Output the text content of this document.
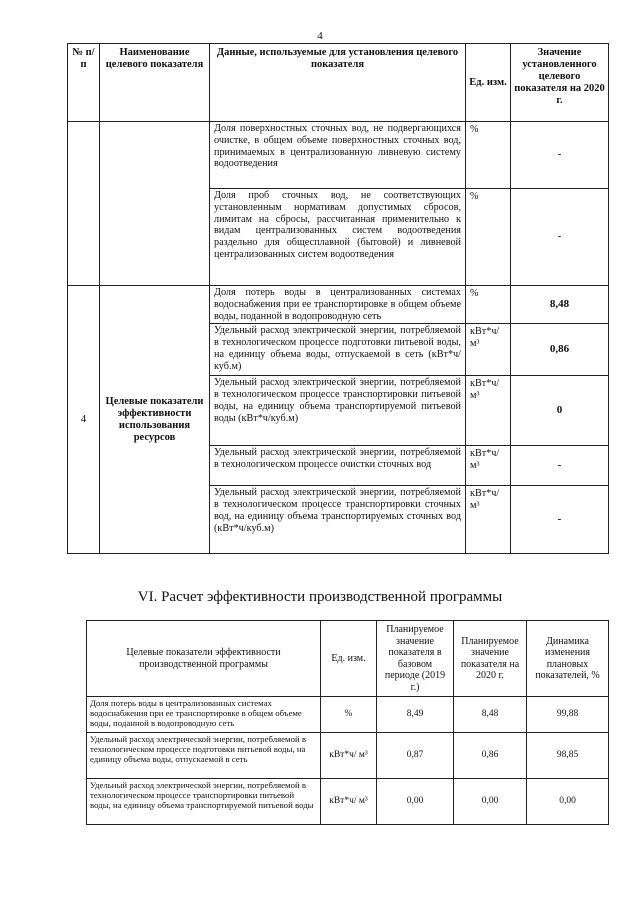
4
№ п/п	Наименование целевого показателя	Данные, используемые для установления целевого показателя	Ед. изм.	Значение установленного целевого показателя на 2020 г.
		Доля поверхностных сточных вод, не подвергающихся очистке, в общем объеме поверхностных сточных вод, принимаемых в централизованную ливневую систему водоотведения	%	-
		Доля проб сточных вод, не соответствующих установленным нормативам допустимых сбросов, лимитам на сбросы, рассчитанная применительно к видам централизованных систем водоотведения раздельно для общесплавной (бытовой) и ливневой централизованных систем водоотведения	%	-
4	Целевые показатели эффективности использования ресурсов	Доля потерь воды в централизованных системах водоснабжения при ее транспортировке в общем объеме воды, поданной в водопроводную сеть	%	8,48
		Удельный расход электрической энергии, потребляемой в технологическом процессе подготовки питьевой воды, на единицу объема воды, отпускаемой в сеть (кВт*ч/куб.м)	кВт*ч/м³	0,86
		Удельный расход электрической энергии, потребляемой в технологическом процессе транспортировки питьевой воды, на единицу объема транспортируемой питьевой воды (кВт*ч/куб.м)	кВт*ч/м³	0
		Удельный расход электрической энергии, потребляемой в технологическом процессе очистки сточных вод	кВт*ч/м³	-
		Удельный расход электрической энергии, потребляемой в технологическом процессе транспортировки сточных вод, на единицу объема транспортируемых сточных вод (кВт*ч/куб.м)	кВт*ч/м³	-
VI. Расчет эффективности производственной программы
Целевые показатели эффективности производственной программы	Ед. изм.	Планируемое значение показателя в базовом периоде (2019 г.)	Планируемое значение показателя на 2020 г.	Динамика изменения плановых показателей, %
Доля потерь воды в централизованных системах водоснабжения при ее транспортировке в общем объеме воды, поданной в водопроводную сеть	%	8,49	8,48	99,88
Удельный расход электрической энергии, потребляемой в технологическом процессе подготовки питьевой воды, на единицу объема воды, отпускаемой в сеть	кВт*ч/ м³	0,87	0,86	98,85
Удельный расход электрической энергии, потребляемой в технологическом процессе транспортировки питьевой воды, на единицу объема транспортируемой питьевой воды	кВт*ч/ м³	0,00	0,00	0,00
